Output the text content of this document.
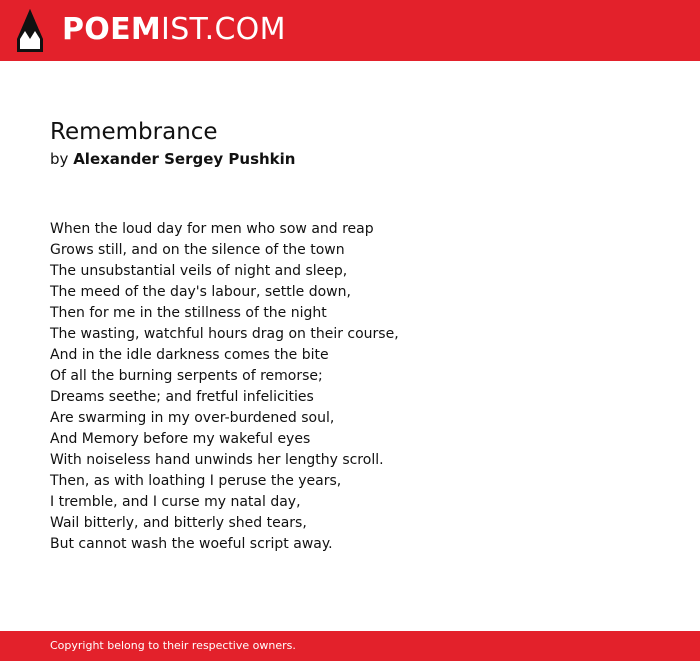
POEMIST.COM
Remembrance
by Alexander Sergey Pushkin
When the loud day for men who sow and reap
Grows still, and on the silence of the town
The unsubstantial veils of night and sleep,
The meed of the day's labour, settle down,
Then for me in the stillness of the night
The wasting, watchful hours drag on their course,
And in the idle darkness comes the bite
Of all the burning serpents of remorse;
Dreams seethe; and fretful infelicities
Are swarming in my over-burdened soul,
And Memory before my wakeful eyes
With noiseless hand unwinds her lengthy scroll.
Then, as with loathing I peruse the years,
I tremble, and I curse my natal day,
Wail bitterly, and bitterly shed tears,
But cannot wash the woeful script away.
Copyright belong to their respective owners.
